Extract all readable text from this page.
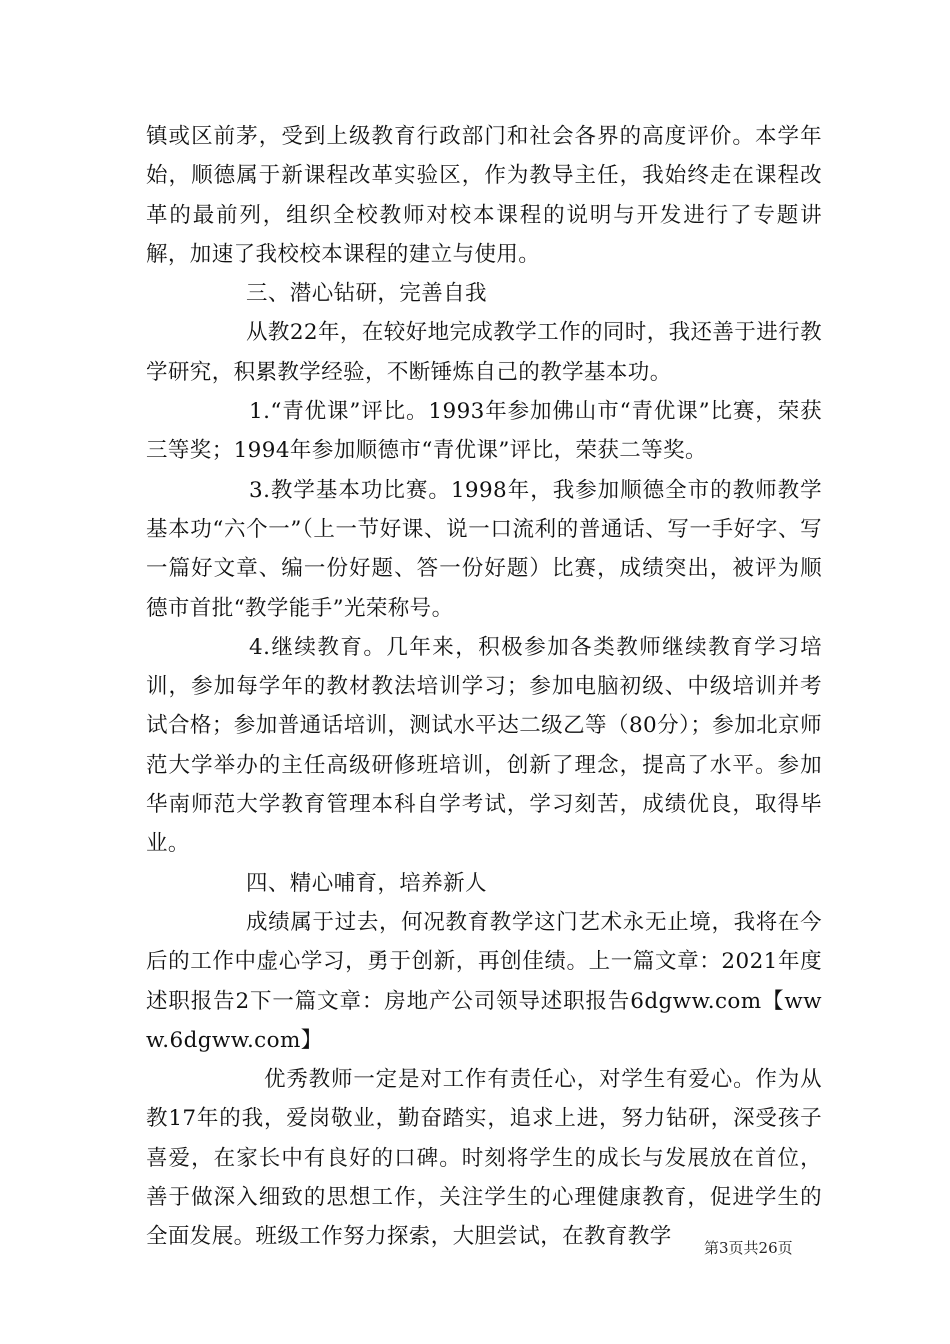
镇或区前茅，受到上级教育行政部门和社会各界的高度评价。本学年始，顺德属于新课程改革实验区，作为教导主任，我始终走在课程改革的最前列，组织全校教师对校本课程的说明与开发进行了专题讲解，加速了我校校本课程的建立与使用。

三、潜心钻研，完善自我

从教22年，在较好地完成教学工作的同时，我还善于进行教学研究，积累教学经验，不断锤炼自己的教学基本功。

1.“青优课”评比。1993年参加佛山市“青优课”比赛，荣获三等奖；1994年参加顺德市“青优课”评比，荣获二等奖。

3.教学基本功比赛。1998年，我参加顺德全市的教师教学基本功“六个一”（上一节好课、说一口流利的普通话、写一手好字、写一篇好文章、编一份好题、答一份好题）比赛，成绩突出，被评为顺德市首批“教学能手”光荣称号。

4.继续教育。几年来，积极参加各类教师继续教育学习培训，参加每学年的教材教法培训学习；参加电脑初级、中级培训并考试合格；参加普通话培训，测试水平达二级乙等（80分）；参加北京师范大学举办的主任高级研修班培训，创新了理念，提高了水平。参加华南师范大学教育管理本科自学考试，学习刻苦，成绩优良，取得毕业。

四、精心哺育，培养新人

成绩属于过去，何况教育教学这门艺术永无止境，我将在今后的工作中虚心学习，勇于创新，再创佳绩。上一篇文章：2021年度述职报告2下一篇文章：房地产公司领导述职报告6dgww.com【www.6dgww.com】

优秀教师一定是对工作有责任心，对学生有爱心。作为从教17年的我，爱岗敬业，勤奋踏实，追求上进，努力钻研，深受孩子喜爱，在家长中有良好的口碑。时刻将学生的成长与发展放在首位，善于做深入细致的思想工作，关注学生的心理健康教育，促进学生的全面发展。班级工作努力探索，大胆尝试，在教育教学	第3页共26页
